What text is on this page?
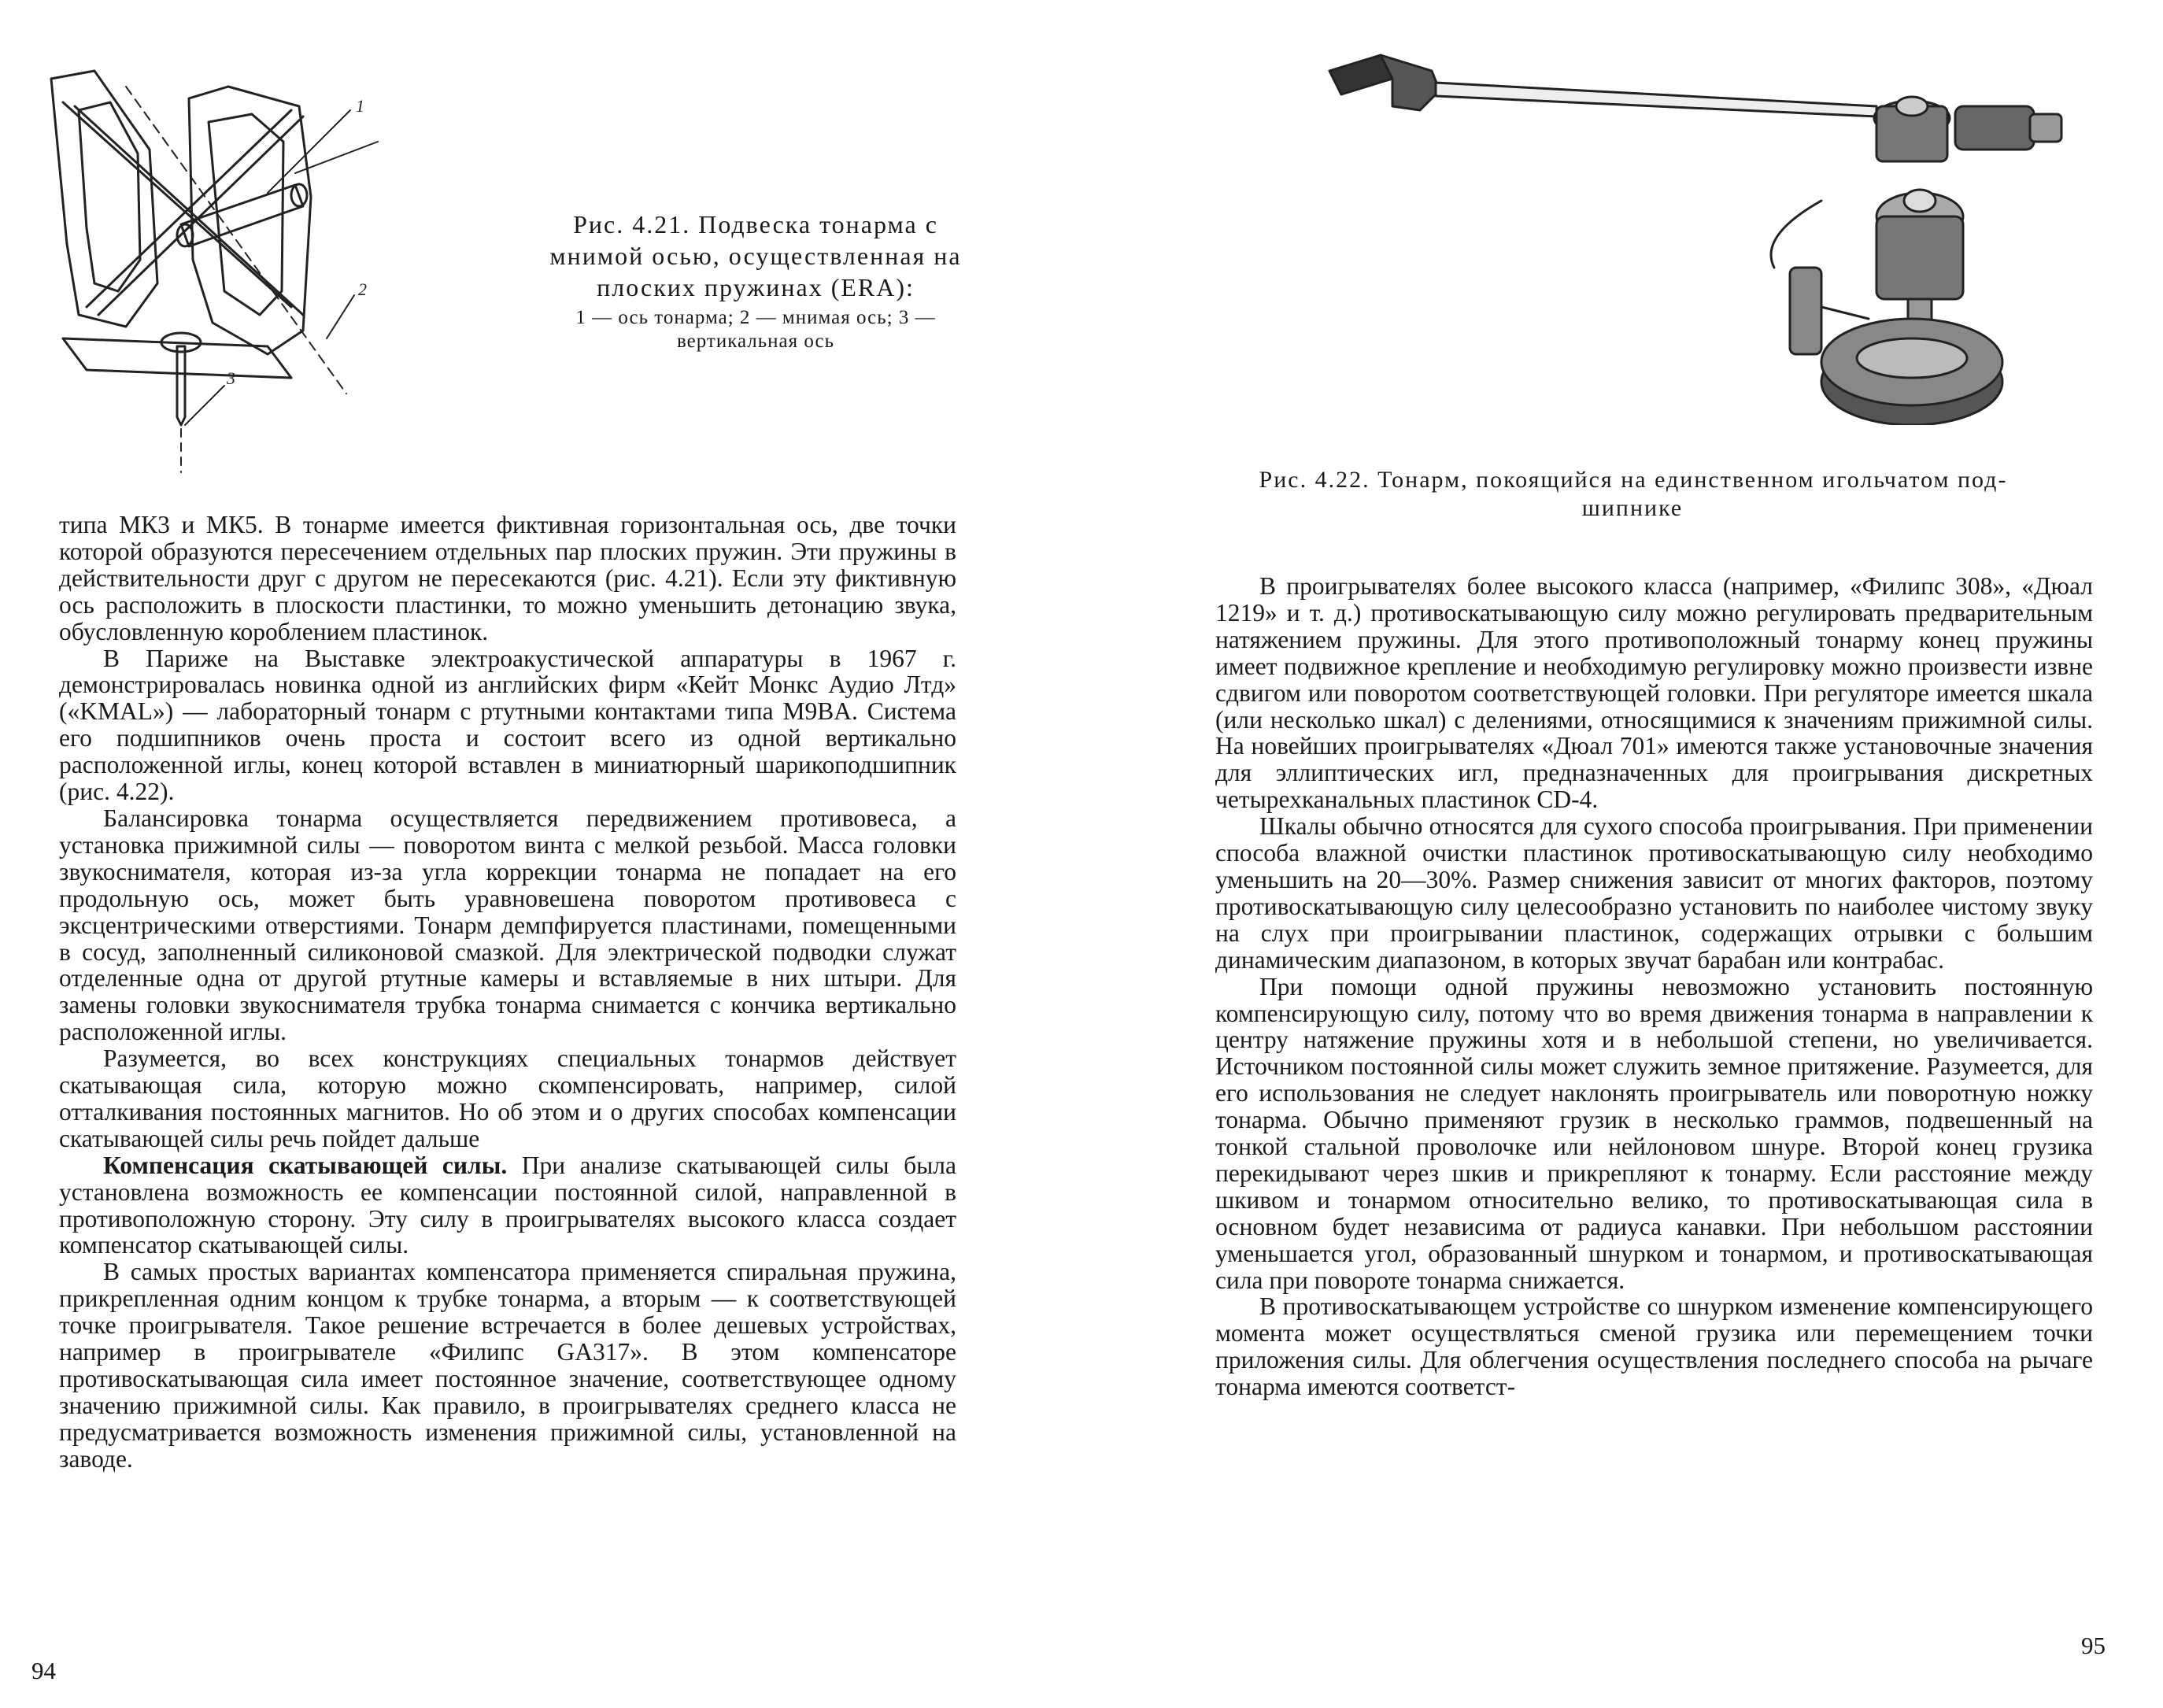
1
2
3
Рис. 4.21. Подвеска тонарма с мнимой осью, осуществленная на плоских пружинах (ERA):
1 — ось тонарма; 2 — мнимая ось; 3 — вертикальная ось

типа МК3 и МК5. В тонарме имеется фиктивная горизонтальная ось, две точки которой образуются пересечением отдельных пар плоских пружин. Эти пружины в действительности друг с другом не пересекаются (рис. 4.21). Если эту фиктивную ось расположить в плоскости пластинки, то можно уменьшить детонацию звука, обусловленную короблением пластинок.

В Париже на Выставке электроакустической аппаратуры в 1967 г. демонстрировалась новинка одной из английских фирм «Кейт Монкс Аудио Лтд» («KMAL») — лабораторный тонарм с ртутными контактами типа M9BA. Система его подшипников очень проста и состоит всего из одной вертикально расположенной иглы, конец которой вставлен в миниатюрный шарикоподшипник (рис. 4.22).

Балансировка тонарма осуществляется передвижением противовеса, а установка прижимной силы — поворотом винта с мелкой резьбой. Масса головки звукоснимателя, которая из-за угла коррекции тонарма не попадает на его продольную ось, может быть уравновешена поворотом противовеса с эксцентрическими отверстиями. Тонарм демпфируется пластинами, помещенными в сосуд, заполненный силиконовой смазкой. Для электрической подводки служат отделенные одна от другой ртутные камеры и вставляемые в них штыри. Для замены головки звукоснимателя трубка тонарма снимается с кончика вертикально расположенной иглы.

Разумеется, во всех конструкциях специальных тонармов действует скатывающая сила, которую можно скомпенсировать, например, силой отталкивания постоянных магнитов. Но об этом и о других способах компенсации скатывающей силы речь пойдет дальше

Компенсация скатывающей силы. При анализе скатывающей силы была установлена возможность ее компенсации постоянной силой, направленной в противоположную сторону. Эту силу в проигрывателях высокого класса создает компенсатор скатывающей силы.

В самых простых вариантах компенсатора применяется спиральная пружина, прикрепленная одним концом к трубке тонарма, а вторым — к соответствующей точке проигрывателя. Такое решение встречается в более дешевых устройствах, например в проигрывателе «Филипс GA317». В этом компенсаторе противоскатывающая сила имеет постоянное значение, соответствующее одному значению прижимной силы. Как правило, в проигрывателях среднего класса не предусматривается возможность изменения прижимной силы, установленной на заводе.

94
Рис. 4.22. Тонарм, покоящийся на единственном игольчатом подшипнике

В проигрывателях более высокого класса (например, «Филипс 308», «Дюал 1219» и т. д.) противоскатывающую силу можно регулировать предварительным натяжением пружины. Для этого противоположный тонарму конец пружины имеет подвижное крепление и необходимую регулировку можно произвести извне сдвигом или поворотом соответствующей головки. При регуляторе имеется шкала (или несколько шкал) с делениями, относящимися к значениям прижимной силы. На новейших проигрывателях «Дюал 701» имеются также установочные значения для эллиптических игл, предназначенных для проигрывания дискретных четырехканальных пластинок CD-4.

Шкалы обычно относятся для сухого способа проигрывания. При применении способа влажной очистки пластинок противоскатывающую силу необходимо уменьшить на 20—30%. Размер снижения зависит от многих факторов, поэтому противоскатывающую силу целесообразно установить по наиболее чистому звуку на слух при проигрывании пластинок, содержащих отрывки с большим динамическим диапазоном, в которых звучат барабан или контрабас.

При помощи одной пружины невозможно установить постоянную компенсирующую силу, потому что во время движения тонарма в направлении к центру натяжение пружины хотя и в небольшой степени, но увеличивается. Источником постоянной силы может служить земное притяжение. Разумеется, для его использования не следует наклонять проигрыватель или поворотную ножку тонарма. Обычно применяют грузик в несколько граммов, подвешенный на тонкой стальной проволочке или нейлоновом шнуре. Второй конец грузика перекидывают через шкив и прикрепляют к тонарму. Если расстояние между шкивом и тонармом относительно велико, то противоскатывающая сила в основном будет независима от радиуса канавки. При небольшом расстоянии уменьшается угол, образованный шнурком и тонармом, и противоскатывающая сила при повороте тонарма снижается.

В противоскатывающем устройстве со шнурком изменение компенсирующего момента может осуществляться сменой грузика или перемещением точки приложения силы. Для облегчения осуществления последнего способа на рычаге тонарма имеются соответст-

95
